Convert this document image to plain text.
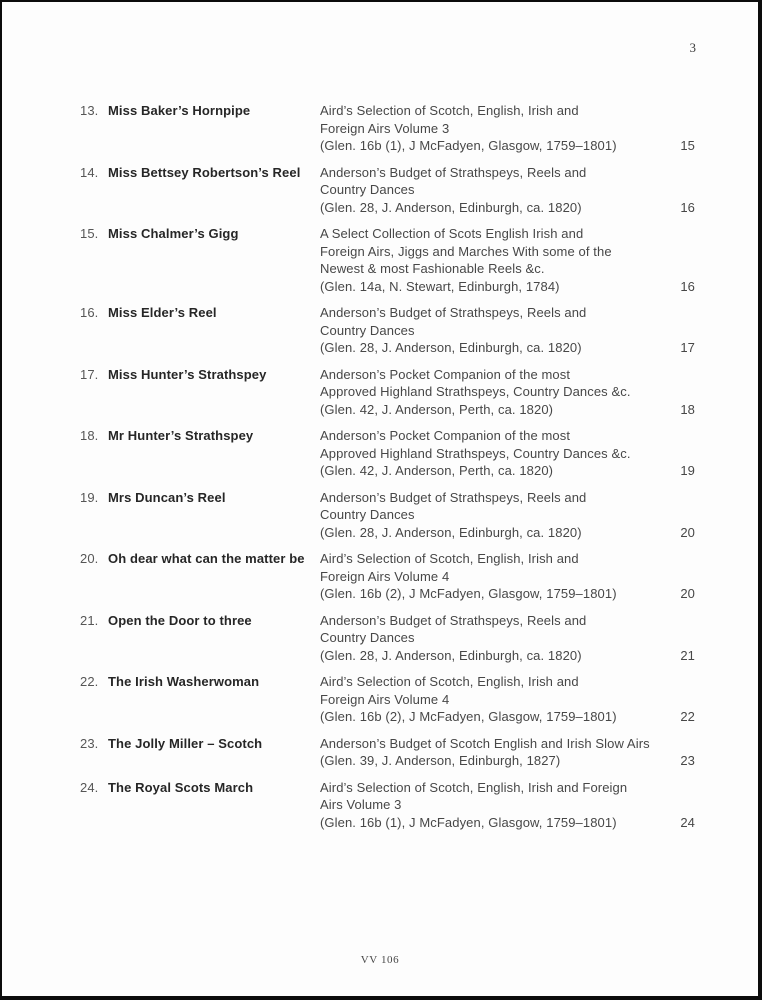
3
13. Miss Baker’s Hornpipe	Aird’s Selection of Scotch, English, Irish and
Foreign Airs Volume 3
(Glen. 16b (1), J McFadyen, Glasgow, 1759–1801)	15
14. Miss Bettsey Robertson’s Reel	Anderson’s Budget of Strathspeys, Reels and
Country Dances
(Glen. 28, J. Anderson, Edinburgh, ca. 1820)	16
15. Miss Chalmer’s Gigg	A Select Collection of Scots English Irish and
Foreign Airs, Jiggs and Marches With some of the
Newest & most Fashionable Reels &c.
(Glen. 14a, N. Stewart, Edinburgh, 1784)	16
16. Miss Elder’s Reel	Anderson’s Budget of Strathspeys, Reels and
Country Dances
(Glen. 28, J. Anderson, Edinburgh, ca. 1820)	17
17. Miss Hunter’s Strathspey	Anderson’s Pocket Companion of the most
Approved Highland Strathspeys, Country Dances &c.
(Glen. 42, J. Anderson, Perth, ca. 1820)	18
18. Mr Hunter’s Strathspey	Anderson’s Pocket Companion of the most
Approved Highland Strathspeys, Country Dances &c.
(Glen. 42, J. Anderson, Perth, ca. 1820)	19
19. Mrs Duncan’s Reel	Anderson’s Budget of Strathspeys, Reels and
Country Dances
(Glen. 28, J. Anderson, Edinburgh, ca. 1820)	20
20. Oh dear what can the matter be	Aird’s Selection of Scotch, English, Irish and
Foreign Airs Volume 4
(Glen. 16b (2), J McFadyen, Glasgow, 1759–1801)	20
21. Open the Door to three	Anderson’s Budget of Strathspeys, Reels and
Country Dances
(Glen. 28, J. Anderson, Edinburgh, ca. 1820)	21
22. The Irish Washerwoman	Aird’s Selection of Scotch, English, Irish and
Foreign Airs Volume 4
(Glen. 16b (2), J McFadyen, Glasgow, 1759–1801)	22
23. The Jolly Miller – Scotch	Anderson’s Budget of Scotch English and Irish Slow Airs
(Glen. 39, J. Anderson, Edinburgh, 1827)	23
24. The Royal Scots March	Aird’s Selection of Scotch, English, Irish and Foreign
Airs Volume 3
(Glen. 16b (1), J McFadyen, Glasgow, 1759–1801)	24
VV 106
